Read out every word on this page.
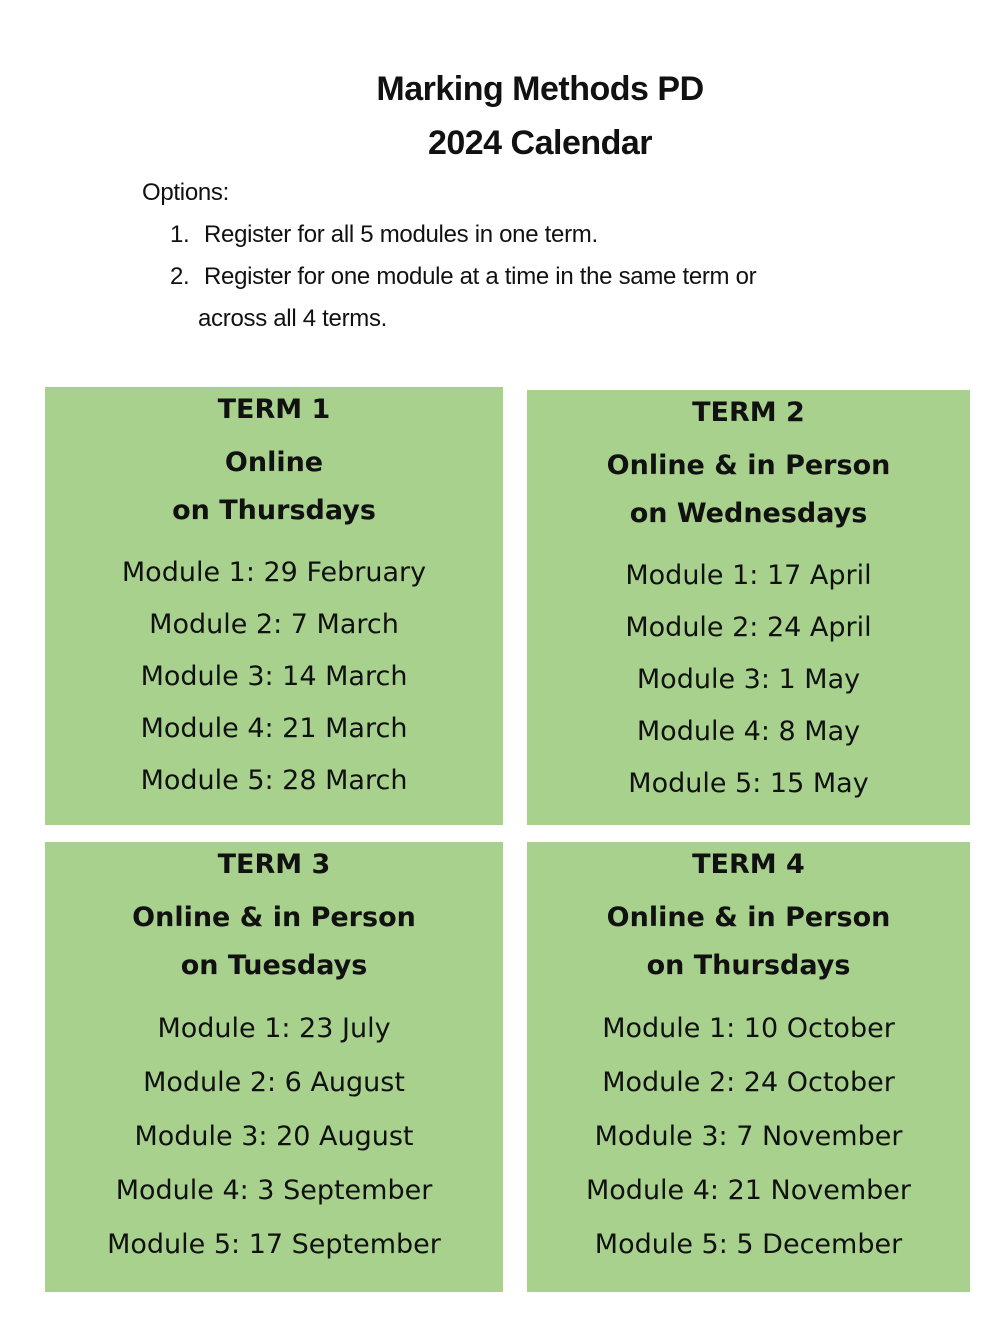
Marking Methods PD
2024 Calendar
Options:
1. Register for all 5 modules in one term.
2. Register for one module at a time in the same term or
across all 4 terms.
TERM 1
Online
on Thursdays
Module 1: 29 February
Module 2: 7 March
Module 3: 14 March
Module 4: 21 March
Module 5: 28 March
TERM 2
Online & in Person
on Wednesdays
Module 1: 17 April
Module 2: 24 April
Module 3: 1 May
Module 4: 8 May
Module 5: 15 May
TERM 3
Online & in Person
on Tuesdays
Module 1: 23 July
Module 2: 6 August
Module 3: 20 August
Module 4: 3 September
Module 5: 17 September
TERM 4
Online & in Person
on Thursdays
Module 1: 10 October
Module 2: 24 October
Module 3: 7 November
Module 4: 21 November
Module 5: 5 December
